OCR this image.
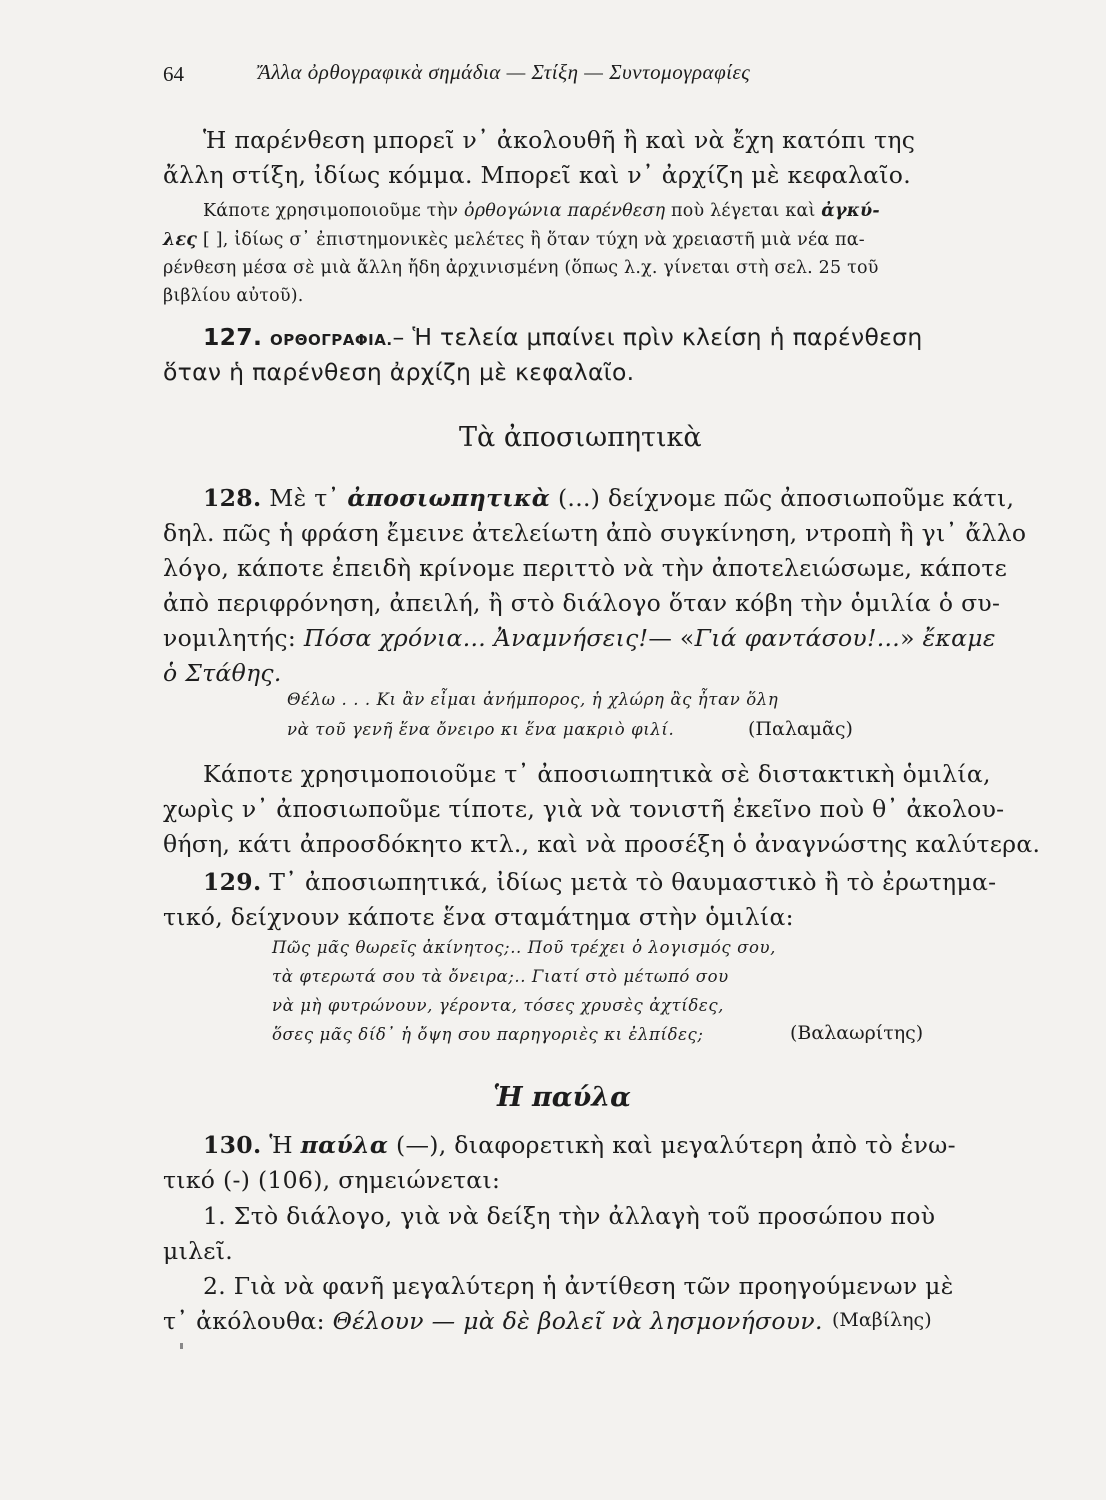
64	Ἄλλα ὀρθογραφικὰ σημάδια — Στίξη — Συντομογραφίες
Ἡ παρένθεση μπορεῖ ν᾽ ἀκολουθῆ ἢ καὶ νὰ ἔχη κατόπι της
ἄλλη στίξη, ἰδίως κόμμα. Μπορεῖ καὶ ν᾽ ἀρχίζη μὲ κεφαλαῖο.
Κάποτε χρησιμοποιοῦμε τὴν ὀρθογώνια παρένθεση ποὺ λέγεται καὶ ἀγκύ-
λες [ ], ἰδίως σ᾽ ἐπιστημονικὲς μελέτες ἢ ὅταν τύχη νὰ χρειαστῆ μιὰ νέα πα-
ρένθεση μέσα σὲ μιὰ ἄλλη ἤδη ἀρχινισμένη (ὅπως λ.χ. γίνεται στὴ σελ. 25 τοῦ
βιβλίου αὐτοῦ).
127. ΟΡΘΟΓΡΑΦΙΑ.– Ἡ τελεία μπαίνει πρὶν κλείση ἡ παρένθεση
ὅταν ἡ παρένθεση ἀρχίζη μὲ κεφαλαῖο.
Τὰ ἀποσιωπητικὰ
128. Μὲ τ᾽ ἀποσιωπητικὰ (...) δείχνομε πῶς ἀποσιωποῦμε κάτι,
δηλ. πῶς ἡ φράση ἔμεινε ἀτελείωτη ἀπὸ συγκίνηση, ντροπὴ ἢ γι᾽ ἄλλο
λόγο, κάποτε ἐπειδὴ κρίνομε περιττὸ νὰ τὴν ἀποτελειώσωμε, κάποτε
ἀπὸ περιφρόνηση, ἀπειλή, ἢ στὸ διάλογο ὅταν κόβη τὴν ὁμιλία ὁ συ-
νομιλητής: Πόσα χρόνια... Ἀναμνήσεις!— «Γιά φαντάσου!...» ἔκαμε
ὁ Στάθης.
Θέλω . . . Κι ἂν εἶμαι ἀνήμπορος, ἡ χλώρη ἂς ἦταν ὅλη
νὰ τοῦ γενῆ ἕνα ὄνειρο κι ἕνα μακριὸ φιλί.	(Παλαμᾶς)
Κάποτε χρησιμοποιοῦμε τ᾽ ἀποσιωπητικὰ σὲ διστακτικὴ ὁμιλία,
χωρὶς ν᾽ ἀποσιωποῦμε τίποτε, γιὰ νὰ τονιστῆ ἐκεῖνο ποὺ θ᾽ ἀκολου-
θήση, κάτι ἀπροσδόκητο κτλ., καὶ νὰ προσέξη ὁ ἀναγνώστης καλύτερα.
129. Τ᾽ ἀποσιωπητικά, ἰδίως μετὰ τὸ θαυμαστικὸ ἢ τὸ ἐρωτημα-
τικό, δείχνουν κάποτε ἕνα σταμάτημα στὴν ὁμιλία:
Πῶς μᾶς θωρεῖς ἀκίνητος;.. Ποῦ τρέχει ὁ λογισμός σου,
τὰ φτερωτά σου τὰ ὄνειρα;.. Γιατί στὸ μέτωπό σου
νὰ μὴ φυτρώνουν, γέροντα, τόσες χρυσὲς ἀχτίδες,
ὅσες μᾶς δίδ᾽ ἡ ὄψη σου παρηγοριὲς κι ἐλπίδες;	(Βαλαωρίτης)
Ἡ παύλα
130. Ἡ παύλα (—), διαφορετικὴ καὶ μεγαλύτερη ἀπὸ τὸ ἑνω-
τικό (-) (106), σημειώνεται:
1. Στὸ διάλογο, γιὰ νὰ δείξη τὴν ἀλλαγὴ τοῦ προσώπου ποὺ
μιλεῖ.
2. Γιὰ νὰ φανῆ μεγαλύτερη ἡ ἀντίθεση τῶν προηγούμενων μὲ
τ᾽ ἀκόλουθα: Θέλουν — μὰ δὲ βολεῖ νὰ λησμονήσουν. (Μαβίλης)
